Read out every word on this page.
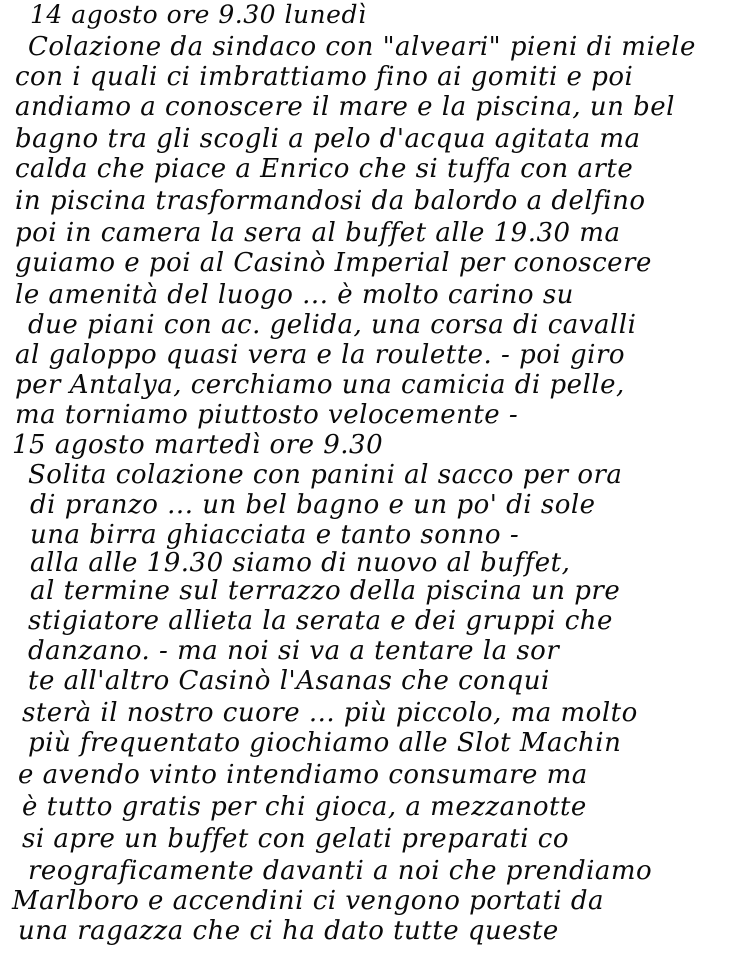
14 agosto ore 9.30 lunedì
Colazione da sindaco con "alveari" pieni di miele
con i quali ci imbrattiamo fino ai gomiti e poi
andiamo a conoscere il mare e la piscina, un bel
bagno tra gli scogli a pelo d'acqua agitata ma
calda che piace a Enrico che si tuffa con arte
in piscina trasformandosi da balordo a delfino
poi in camera la sera al buffet alle 19.30 ma
guiamo e poi al Casinò Imperial per conoscere
le amenità del luogo ... è molto carino su
due piani con ac. gelida, una corsa di cavalli
al galoppo quasi vera e la roulette. - poi giro
per Antalya, cerchiamo una camicia di pelle,
ma torniamo piuttosto velocemente -
15 agosto martedì ore 9.30
Solita colazione con panini al sacco per ora
di pranzo ... un bel bagno e un po' di sole
una birra ghiacciata e tanto sonno -
alla alle 19.30 siamo di nuovo al buffet,
al termine sul terrazzo della piscina un pre
stigiatore allieta la serata e dei gruppi che
danzano. - ma noi si va a tentare la sor
te all'altro Casinò l'Asanas che conqui
sterà il nostro cuore ... più piccolo, ma molto
più frequentato giochiamo alle Slot Machin
e avendo vinto intendiamo consumare ma
è tutto gratis per chi gioca, a mezzanotte
si apre un buffet con gelati preparati co
reograficamente davanti a noi che prendiamo
Marlboro e accendini ci vengono portati da
una ragazza che ci ha dato tutte queste
